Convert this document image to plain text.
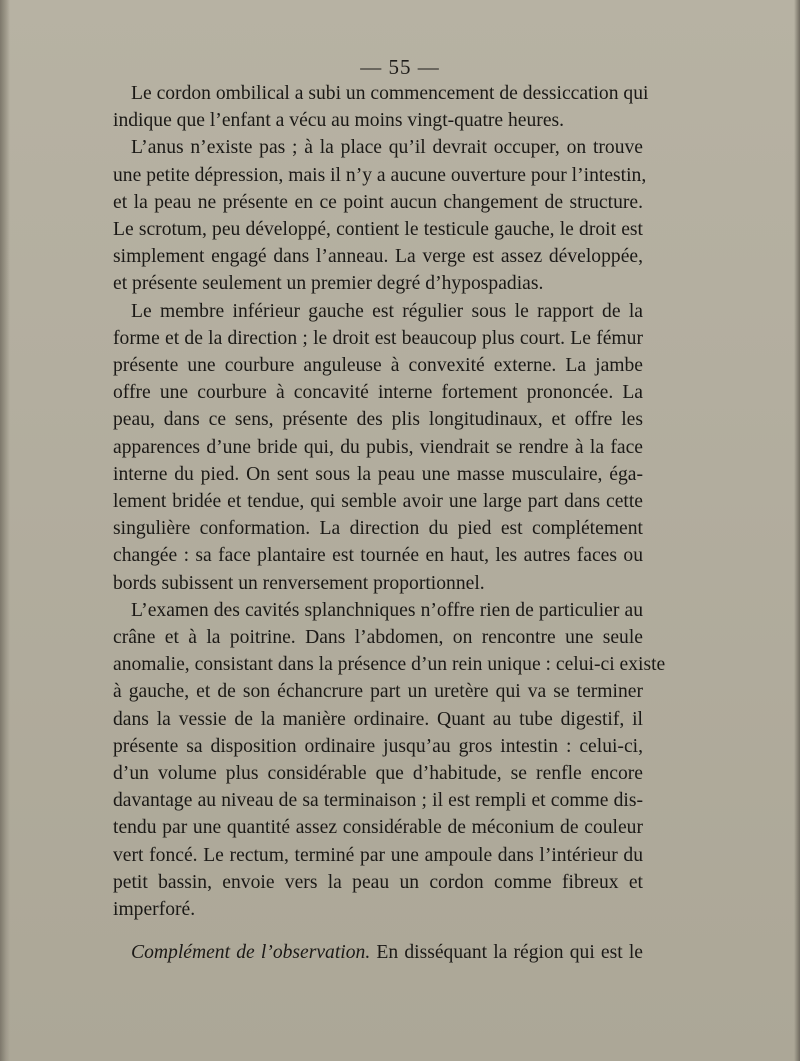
— 55 —
Le cordon ombilical a subi un commencement de dessiccation qui
indique que l’enfant a vécu au moins vingt-quatre heures.
L’anus n’existe pas ; à la place qu’il devrait occuper, on trouve
une petite dépression, mais il n’y a aucune ouverture pour l’intestin,
et la peau ne présente en ce point aucun changement de structure.
Le scrotum, peu développé, contient le testicule gauche, le droit est
simplement engagé dans l’anneau. La verge est assez développée,
et présente seulement un premier degré d’hypospadias.
Le membre inférieur gauche est régulier sous le rapport de la
forme et de la direction ; le droit est beaucoup plus court. Le fémur
présente une courbure anguleuse à convexité externe. La jambe
offre une courbure à concavité interne fortement prononcée. La
peau, dans ce sens, présente des plis longitudinaux, et offre les
apparences d’une bride qui, du pubis, viendrait se rendre à la face
interne du pied. On sent sous la peau une masse musculaire, éga-
lement bridée et tendue, qui semble avoir une large part dans cette
singulière conformation. La direction du pied est complétement
changée : sa face plantaire est tournée en haut, les autres faces ou
bords subissent un renversement proportionnel.
L’examen des cavités splanchniques n’offre rien de particulier au
crâne et à la poitrine. Dans l’abdomen, on rencontre une seule
anomalie, consistant dans la présence d’un rein unique : celui-ci existe
à gauche, et de son échancrure part un uretère qui va se terminer
dans la vessie de la manière ordinaire. Quant au tube digestif, il
présente sa disposition ordinaire jusqu’au gros intestin : celui-ci,
d’un volume plus considérable que d’habitude, se renfle encore
davantage au niveau de sa terminaison ; il est rempli et comme dis-
tendu par une quantité assez considérable de méconium de couleur
vert foncé. Le rectum, terminé par une ampoule dans l’intérieur du
petit bassin, envoie vers la peau un cordon comme fibreux et
imperforé.
Complément de l’observation. En disséquant la région qui est le
